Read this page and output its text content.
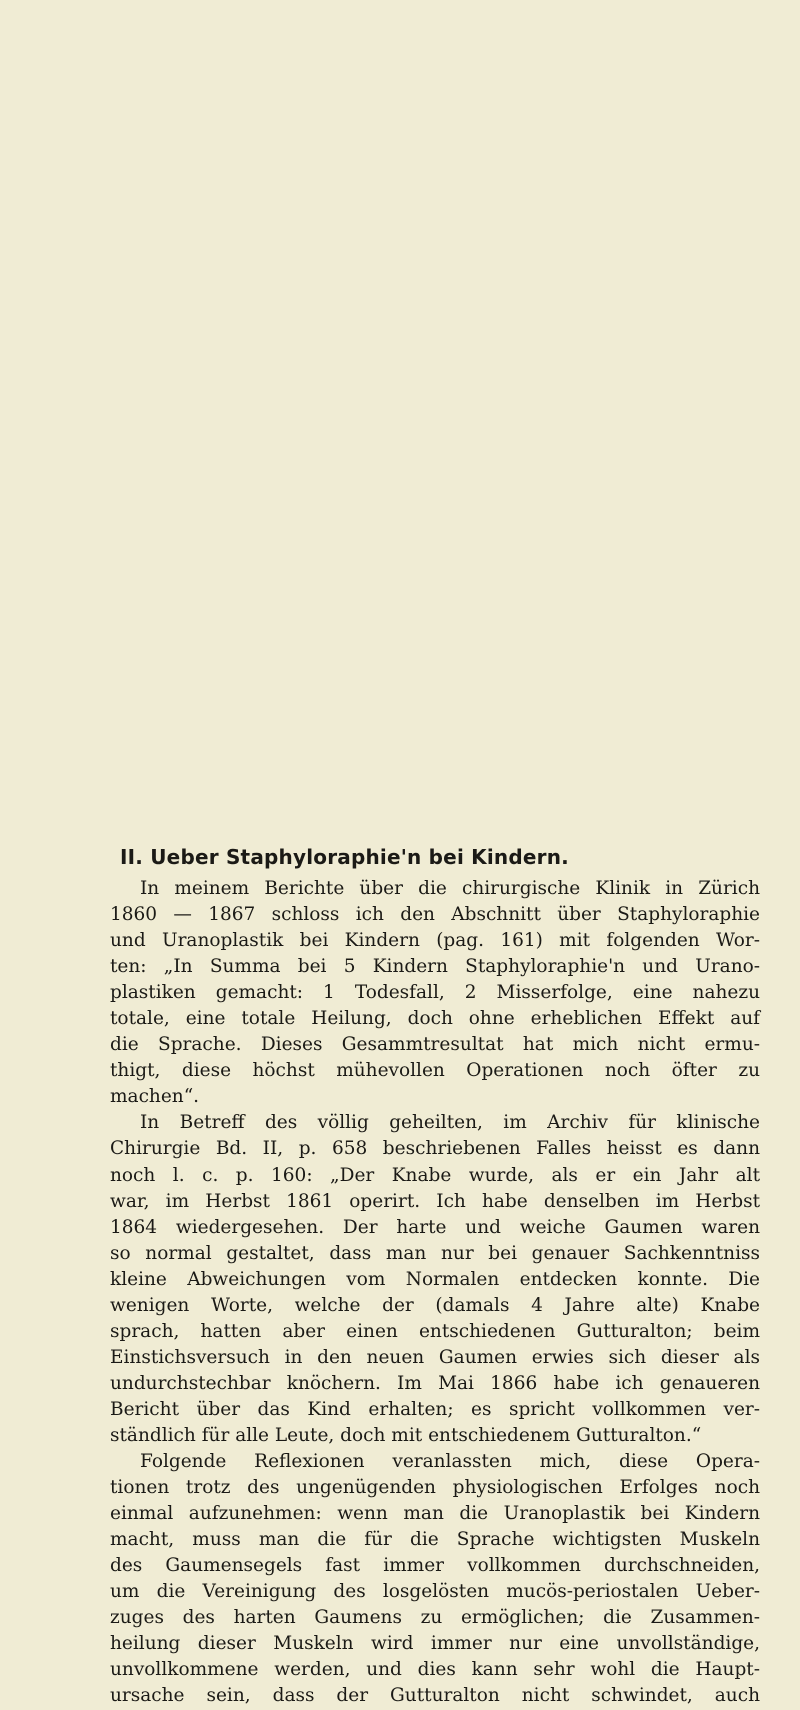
II. Ueber Staphyloraphie'n bei Kindern.
In meinem Berichte über die chirurgische Klinik in Zürich
1860 — 1867 schloss ich den Abschnitt über Staphyloraphie
und Uranoplastik bei Kindern (pag. 161) mit folgenden Wor-
ten: „In Summa bei 5 Kindern Staphyloraphie'n und Urano-
plastiken gemacht: 1 Todesfall, 2 Misserfolge, eine nahezu
totale, eine totale Heilung, doch ohne erheblichen Effekt auf
die Sprache. Dieses Gesammtresultat hat mich nicht ermu-
thigt, diese höchst mühevollen Operationen noch öfter zu
machen“.
In Betreff des völlig geheilten, im Archiv für klinische
Chirurgie Bd. II, p. 658 beschriebenen Falles heisst es dann
noch l. c. p. 160: „Der Knabe wurde, als er ein Jahr alt
war, im Herbst 1861 operirt. Ich habe denselben im Herbst
1864 wiedergesehen. Der harte und weiche Gaumen waren
so normal gestaltet, dass man nur bei genauer Sachkenntniss
kleine Abweichungen vom Normalen entdecken konnte. Die
wenigen Worte, welche der (damals 4 Jahre alte) Knabe
sprach, hatten aber einen entschiedenen Gutturalton; beim
Einstichsversuch in den neuen Gaumen erwies sich dieser als
undurchstechbar knöchern. Im Mai 1866 habe ich genaueren
Bericht über das Kind erhalten; es spricht vollkommen ver-
ständlich für alle Leute, doch mit entschiedenem Gutturalton.“
Folgende Reflexionen veranlassten mich, diese Opera-
tionen trotz des ungenügenden physiologischen Erfolges noch
einmal aufzunehmen: wenn man die Uranoplastik bei Kindern
macht, muss man die für die Sprache wichtigsten Muskeln
des Gaumensegels fast immer vollkommen durchschneiden,
um die Vereinigung des losgelösten mucös-periostalen Ueber-
zuges des harten Gaumens zu ermöglichen; die Zusammen-
heilung dieser Muskeln wird immer nur eine unvollständige,
unvollkommene werden, und dies kann sehr wohl die Haupt-
ursache sein, dass der Gutturalton nicht schwindet, auch
